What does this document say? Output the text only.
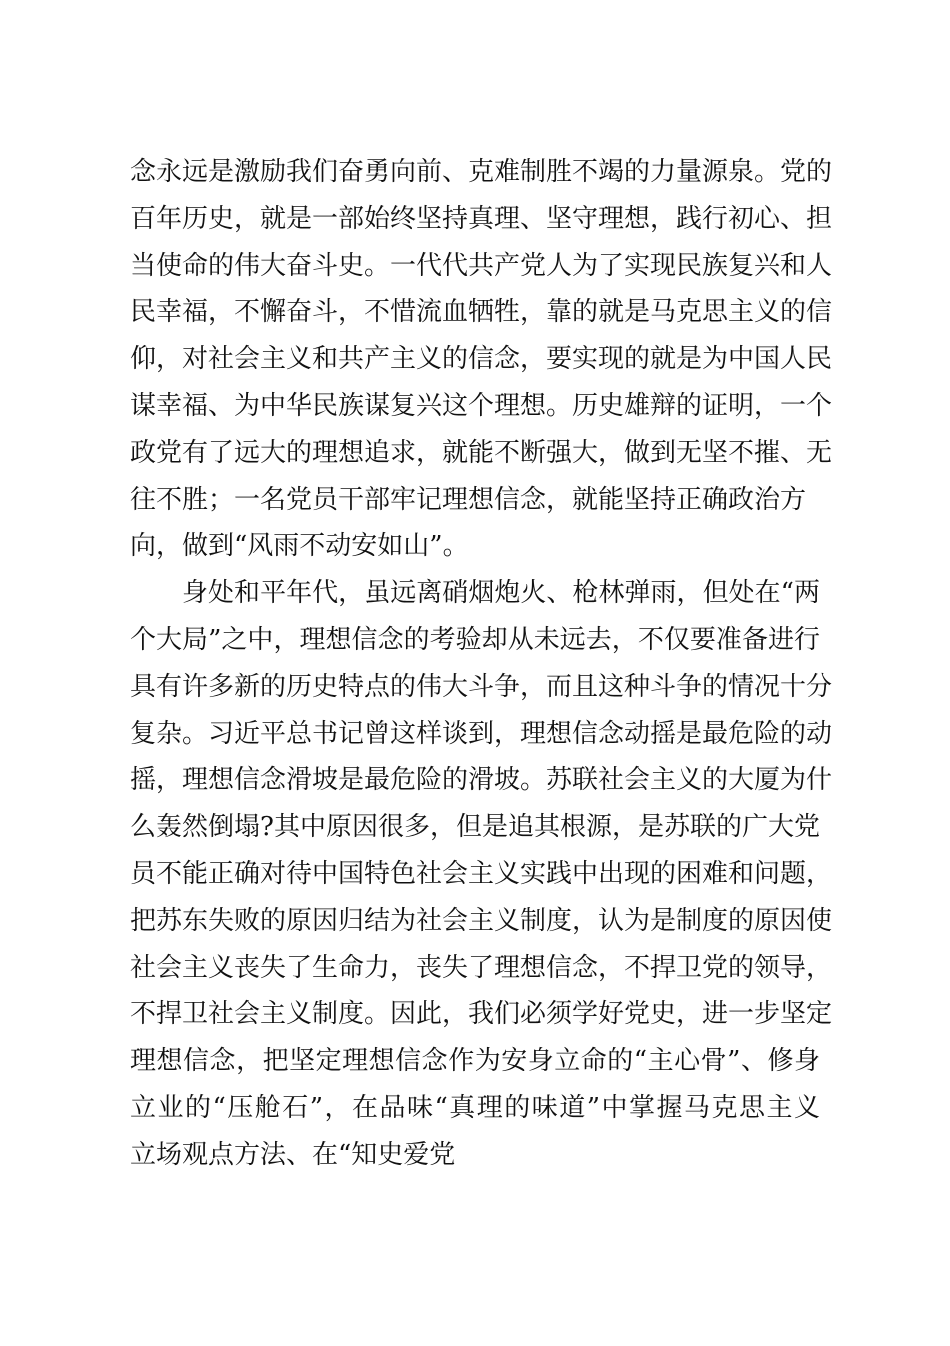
念永远是激励我们奋勇向前、克难制胜不竭的力量源泉。党的
百年历史，就是一部始终坚持真理、坚守理想，践行初心、担
当使命的伟大奋斗史。一代代共产党人为了实现民族复兴和人
民幸福，不懈奋斗，不惜流血牺牲，靠的就是马克思主义的信
仰，对社会主义和共产主义的信念，要实现的就是为中国人民
谋幸福、为中华民族谋复兴这个理想。历史雄辩的证明，一个
政党有了远大的理想追求，就能不断强大，做到无坚不摧、无
往不胜；一名党员干部牢记理想信念，就能坚持正确政治方
向，做到“风雨不动安如山”。
身处和平年代，虽远离硝烟炮火、枪林弹雨，但处在“两
个大局”之中，理想信念的考验却从未远去，不仅要准备进行
具有许多新的历史特点的伟大斗争，而且这种斗争的情况十分
复杂。习近平总书记曾这样谈到，理想信念动摇是最危险的动
摇，理想信念滑坡是最危险的滑坡。苏联社会主义的大厦为什
么轰然倒塌?其中原因很多，但是追其根源，是苏联的广大党
员不能正确对待中国特色社会主义实践中出现的困难和问题，
把苏东失败的原因归结为社会主义制度，认为是制度的原因使
社会主义丧失了生命力，丧失了理想信念，不捍卫党的领导，
不捍卫社会主义制度。因此，我们必须学好党史，进一步坚定
理想信念，把坚定理想信念作为安身立命的“主心骨”、修身
立业的“压舱石”，在品味“真理的味道”中掌握马克思主义
立场观点方法、在“知史爱党
